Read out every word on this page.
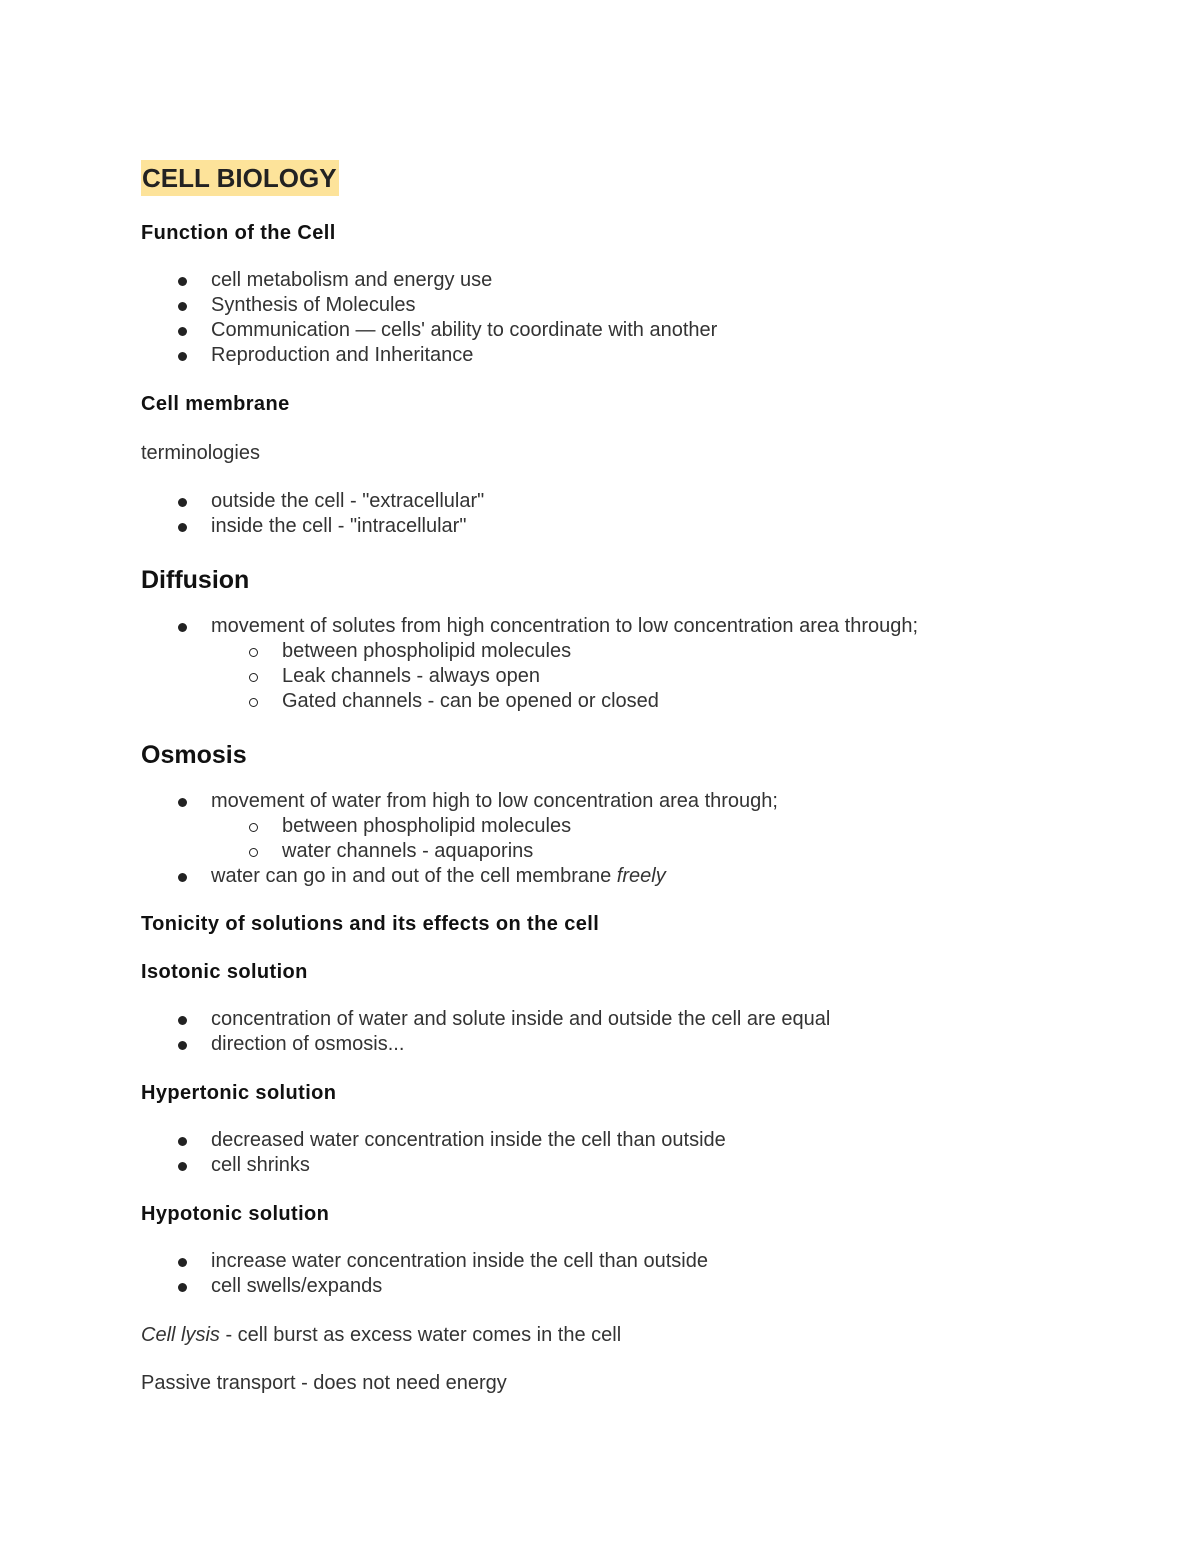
CELL BIOLOGY

Function of the Cell

cell metabolism and energy use
Synthesis of Molecules
Communication — cells' ability to coordinate with another
Reproduction and Inheritance

Cell membrane

terminologies

outside the cell - "extracellular"
inside the cell - "intracellular"

Diffusion

movement of solutes from high concentration to low concentration area through;
between phospholipid molecules
Leak channels - always open
Gated channels - can be opened or closed

Osmosis

movement of water from high to low concentration area through;
between phospholipid molecules
water channels - aquaporins
water can go in and out of the cell membrane freely

Tonicity of solutions and its effects on the cell

Isotonic solution

concentration of water and solute inside and outside the cell are equal
direction of osmosis...

Hypertonic solution

decreased water concentration inside the cell than outside
cell shrinks

Hypotonic solution

increase water concentration inside the cell than outside
cell swells/expands

Cell lysis - cell burst as excess water comes in the cell

Passive transport - does not need energy
